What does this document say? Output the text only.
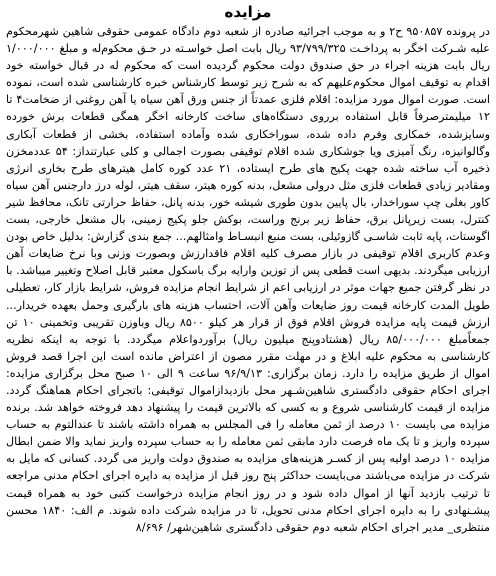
مزایده

در پرونده ۹۵۰۸۵۷ ح۲ و به موجب اجرائیه صادره از شعبه دوم دادگاه عمومی حقوقی شاهین شهرمحکوم علیه شـرکت اخگر به پرداخـت ۹۳/۷۹۹/۳۲۵ ریال بابت اصل خواسـته در حـق محکوم‌له و مبلغ ۱/۰۰۰/۰۰۰ ریال بابت هزینه اجراء در حق صندوق دولت محکوم گردیده است که محکوم له در قبال خواسته خود اقدام به توقیف اموال محکوم‌علیهم که به شرح زیر توسط کارشناس خبره کارشناسی شده است، نموده است. صورت اموال مورد مزایده: اقلام فلزی عمدتاً از جنس ورق آهن سیاه یا آهن روغنی از ضخامت۴ تا ۱۲ میلیمترصرفاً قابل استفاده برروی دستگاه‌های ساخت کارخانه اخگر همگی قطعات برش خورده وسایزشده، خمکاری وفرم داده شده، سوراخکاری شده وآماده استفاده، بخشی از قطعات آبکاری وگالوانیزه، رنگ آمیزی ویا جوشکاری شده اقلام توقیفی بصورت اجمالی و کلی عبارتنداز: ۵۴ عددمخزن ذخیره آب ساخته شده جهت پکیج های طرح ایستاده، ۲۱ عدد کوره کامل هیترهای طرح بخاری انرژی ومقادیر زیادی قطعات فلزی مثل درولی مشعل، بدنه کوره هیتر، سقف هیتر، لوله درز دارجنس آهن سیاه کاور بغلی چپ سوراخدار، بال پایین بدون طوری شیشه خور، بدنه پانل، حفاظ حرارتی تانک، محافظ شیر کنترل، بست زیرپانل برق، حفاظ زیر برنج وراست، بوکش جلو پکیج زمینی، بال مشعل خارجی، بست اگوستات، پایه ثابت شاسـی گازوئیلی، بست منبع انبسـاط وامثالهم... جمع بندی گزارش: بدلیل خاص بودن وعدم کاربری اقلام توقیفی در بازار مصرف کلیه اقلام فاقدارزش وبصورت وزنی وبا نرخ ضایعات آهن ارزیابی میگردند. بدیهی است قطعی پس از توزین وارایه برگ باسکول معتبر قابل اصلاح وتغییر میباشد. با در نظر گرفتن جمیع جهات موثر در ارزیابی اعم از شرایط انجام مزایده فروش، شرایط بازار کار، تعطیلی طویل المدت کارخانه قیمت روز ضایعات وآهن آلات، احتساب هزینه های بارگیری وحمل بعهده خریدار... ارزش قیمت پایه مزایده فروش اقلام فوق از قرار هر کیلو ۸۵۰۰ ریال وباوزن تقریبی وتخمینی ۱۰ تن جمعاًمبلغ ۸۵/۰۰۰/۰۰۰ ریال (هشتادوپنج میلیون ریال) برآوردواعلام میگردد. با توجه به اینکه نظریه کارشناسی به محکوم علیه ابلاغ و در مهلت مقرر مصون از اعتراض مانده است این اجرا قصد فروش اموال از طریق مزایده را دارد. زمان برگزاری: ۹۶/۹/۱۳ ساعت ۹ الی ۱۰ صبح محل برگزاری مزایده: اجرای احکام حقوقی دادگستری شاهین‌شـهر محل بازدیدازاموال توقیفی: باتجرای احکام هماهنگ گردد. مزایده از قیمت کارشناسی شروع و به کسی که بالاترین قیمت را پیشنهاد دهد فروخته خواهد شد. برنده مزایده می بایست ۱۰ درصد از ثمن معامله را فی المجلس به همراه داشته باشند تا عندالتوم به حساب سپرده واریز و تا یک ماه فرصت دارد مابقی ثمن معامله را به حساب سپرده واریز نماید والا ضمن ابطال مزایده ۱۰ درصد اولیه پس از کسـر هزینه‌های مزایده به صندوق دولت واریز می گردد. کسانی که مایل به شرکت در مزایده می‌باشند می‌بایست حداکثر پنج روز قبل از مزایده به دایره اجرای احکام مدنی مراجعه تا ترتیب بازدید آنها از اموال داده شود و در روز انجام مزایده درخواست کتبی خود به همراه قیمت پیشـنهادی را به دایره اجرای احکام مدنی تحویل، تا در مزایده شرکت داده شوند. م الف: ۱۸۴۰ محسن منتظری_ مدیر اجرای احکام شعبه دوم حقوقی دادگستری شاهین‌شهر/ ۸/۶۹۶
